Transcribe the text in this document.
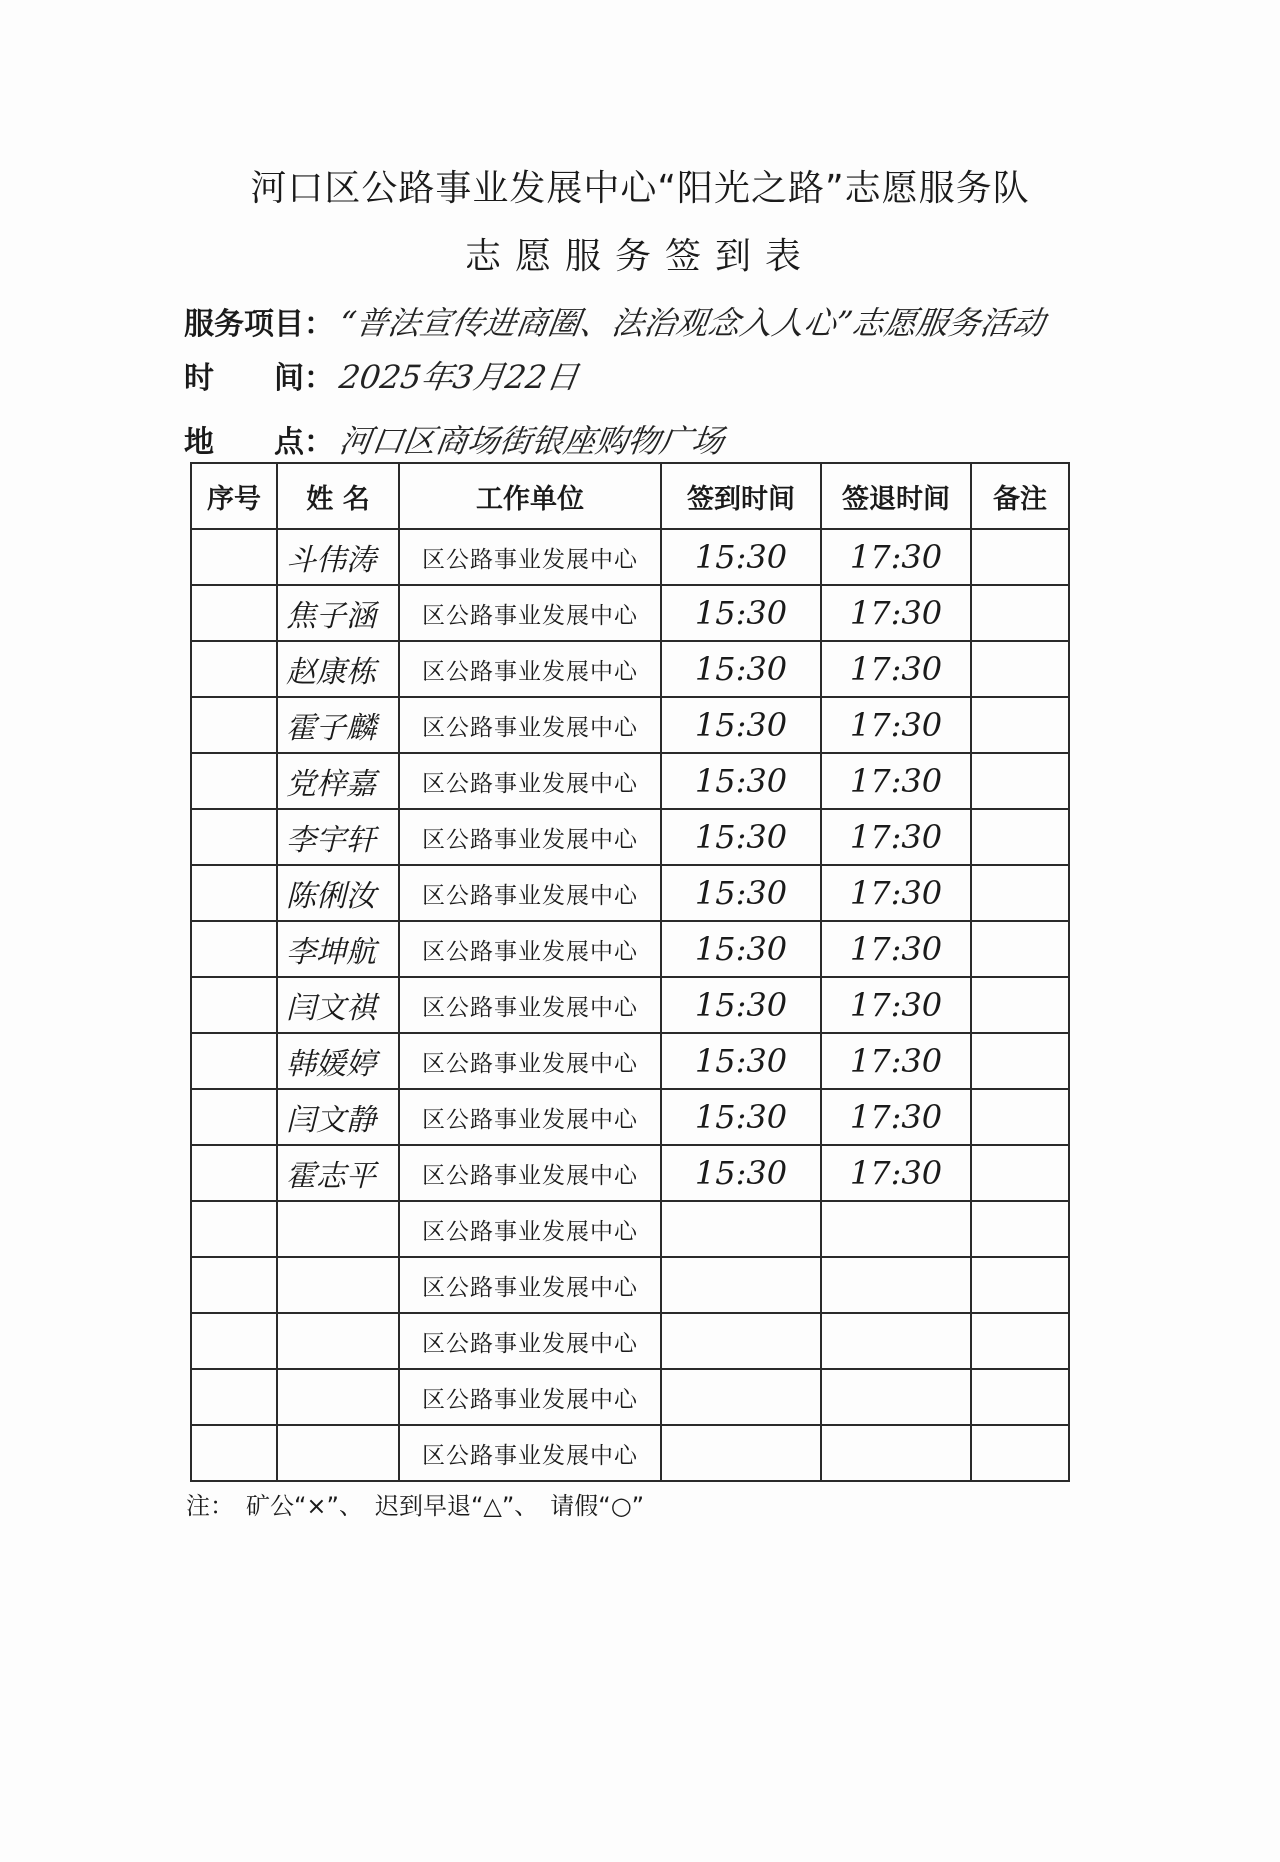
河口区公路事业发展中心“阳光之路”志愿服务队
志愿服务签到表
服务项目：“普法宣传进商圈、法治观念入人心”志愿服务活动
时　　间：2025年3月22日
地　　点：河口区商场街银座购物广场
序号	姓 名	工作单位	签到时间	签退时间	备注
	斗伟涛	区公路事业发展中心	15:30	17:30	
	焦子涵	区公路事业发展中心	15:30	17:30	
	赵康栋	区公路事业发展中心	15:30	17:30	
	霍子麟	区公路事业发展中心	15:30	17:30	
	党梓嘉	区公路事业发展中心	15:30	17:30	
	李宇轩	区公路事业发展中心	15:30	17:30	
	陈俐汝	区公路事业发展中心	15:30	17:30	
	李坤航	区公路事业发展中心	15:30	17:30	
	闫文祺	区公路事业发展中心	15:30	17:30	
	韩媛婷	区公路事业发展中心	15:30	17:30	
	闫文静	区公路事业发展中心	15:30	17:30	
	霍志平	区公路事业发展中心	15:30	17:30	
		区公路事业发展中心			
		区公路事业发展中心			
		区公路事业发展中心			
		区公路事业发展中心			
		区公路事业发展中心			
注：　矿公“×”、　迟到早退“△”、　请假“○”
